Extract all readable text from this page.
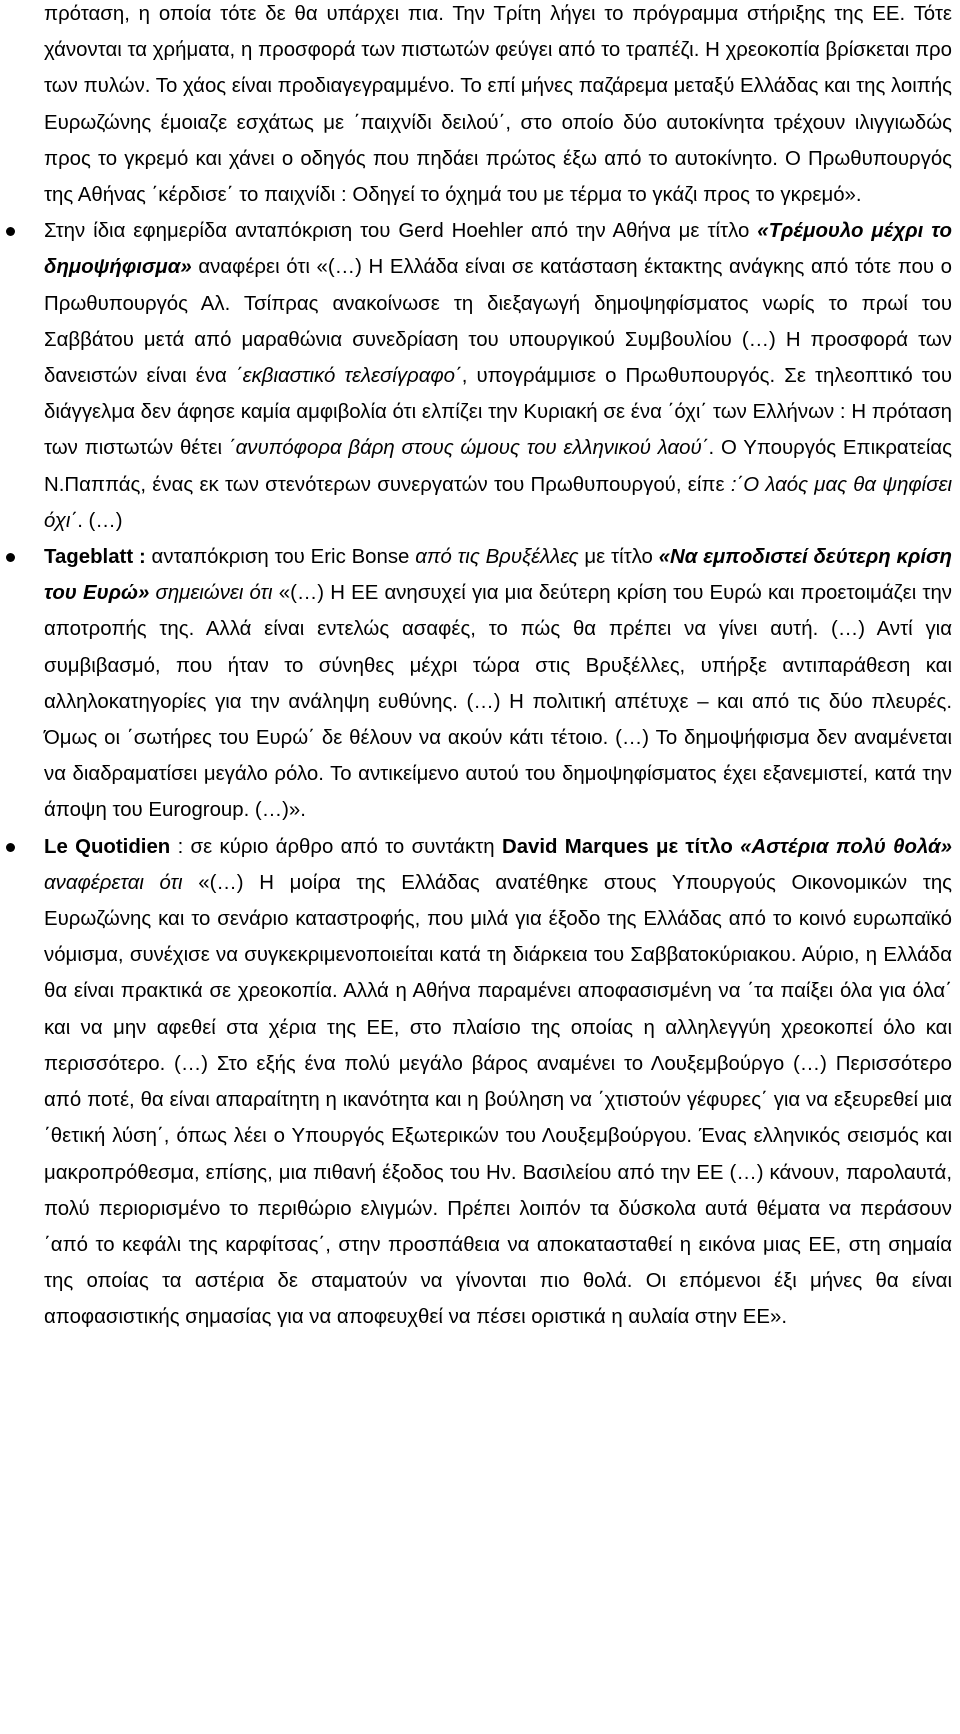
πρόταση, η οποία τότε δε θα υπάρχει πια. Την Τρίτη λήγει το πρόγραμμα στήριξης της ΕΕ. Τότε χάνονται τα χρήματα, η προσφορά των πιστωτών φεύγει από το τραπέζι. Η χρεοκοπία βρίσκεται προ των πυλών. Το χάος είναι προδιαγεγραμμένο. Το επί μήνες παζάρεμα μεταξύ Ελλάδας και της λοιπής Ευρωζώνης έμοιαζε εσχάτως με ΄παιχνίδι δειλού΄, στο οποίο δύο αυτοκίνητα τρέχουν ιλιγγιωδώς προς το γκρεμό και χάνει ο οδηγός που πηδάει πρώτος έξω από το αυτοκίνητο. Ο Πρωθυπουργός της Αθήνας ΄κέρδισε΄ το παιχνίδι : Οδηγεί το όχημά του με τέρμα το γκάζι προς το γκρεμό».

Στην ίδια εφημερίδα ανταπόκριση του Gerd Hoehler από την Αθήνα με τίτλο «Τρέμουλο μέχρι το δημοψήφισμα» αναφέρει ότι «(…) Η Ελλάδα είναι σε κατάσταση έκτακτης ανάγκης από τότε που ο Πρωθυπουργός Αλ. Τσίπρας ανακοίνωσε τη διεξαγωγή δημοψηφίσματος νωρίς το πρωί του Σαββάτου μετά από μαραθώνια συνεδρίαση του υπουργικού Συμβουλίου (…) Η προσφορά των δανειστών είναι ένα ΄εκβιαστικό τελεσίγραφο΄, υπογράμμισε ο Πρωθυπουργός. Σε τηλεοπτικό του διάγγελμα δεν άφησε καμία αμφιβολία ότι ελπίζει την Κυριακή σε ένα ΄όχι΄ των Ελλήνων : Η πρόταση των πιστωτών θέτει ΄ανυπόφορα βάρη στους ώμους του ελληνικού λαού΄. Ο Υπουργός Επικρατείας Ν.Παππάς, ένας εκ των στενότερων συνεργατών του Πρωθυπουργού, είπε :΄Ο λαός μας θα ψηφίσει όχι΄. (…)
Tageblatt : ανταπόκριση του Eric Bonse από τις Βρυξέλλες με τίτλο «Να εμποδιστεί δεύτερη κρίση του Ευρώ» σημειώνει ότι «(…) Η ΕΕ ανησυχεί για μια δεύτερη κρίση του Ευρώ και προετοιμάζει την αποτροπής της. Αλλά είναι εντελώς ασαφές, το πώς θα πρέπει να γίνει αυτή. (…) Αντί για συμβιβασμό, που ήταν το σύνηθες μέχρι τώρα στις Βρυξέλλες, υπήρξε αντιπαράθεση και αλληλοκατηγορίες για την ανάληψη ευθύνης. (…) Η πολιτική απέτυχε – και από τις δύο πλευρές. Όμως οι ΄σωτήρες του Ευρώ΄ δε θέλουν να ακούν κάτι τέτοιο. (…) Το δημοψήφισμα δεν αναμένεται να διαδραματίσει μεγάλο ρόλο. Το αντικείμενο αυτού του δημοψηφίσματος έχει εξανεμιστεί, κατά την άποψη του Eurogroup. (…)».
Le Quotidien : σε κύριο άρθρο από το συντάκτη David Marques με τίτλο «Αστέρια πολύ θολά» αναφέρεται ότι «(…) Η μοίρα της Ελλάδας ανατέθηκε στους Υπουργούς Οικονομικών της Ευρωζώνης και το σενάριο καταστροφής, που μιλά για έξοδο της Ελλάδας από το κοινό ευρωπαϊκό νόμισμα, συνέχισε να συγκεκριμενοποιείται κατά τη διάρκεια του Σαββατοκύριακου. Αύριο, η Ελλάδα θα είναι πρακτικά σε χρεοκοπία. Αλλά η Αθήνα παραμένει αποφασισμένη να ΄τα παίξει όλα για όλα΄ και να μην αφεθεί στα χέρια της ΕΕ, στο πλαίσιο της οποίας η αλληλεγγύη χρεοκοπεί όλο και περισσότερο. (…) Στο εξής ένα πολύ μεγάλο βάρος αναμένει το Λουξεμβούργο (…) Περισσότερο από ποτέ, θα είναι απαραίτητη η ικανότητα και η βούληση να ΄χτιστούν γέφυρες΄ για να εξευρεθεί μια ΄θετική λύση΄, όπως λέει ο Υπουργός Εξωτερικών του Λουξεμβούργου. Ένας ελληνικός σεισμός και μακροπρόθεσμα, επίσης, μια πιθανή έξοδος του Ην. Βασιλείου από την ΕΕ (…) κάνουν, παρολαυτά, πολύ περιορισμένο το περιθώριο ελιγμών. Πρέπει λοιπόν τα δύσκολα αυτά θέματα να περάσουν ΄από το κεφάλι της καρφίτσας΄, στην προσπάθεια να αποκατασταθεί η εικόνα μιας ΕΕ, στη σημαία της οποίας τα αστέρια δε σταματούν να γίνονται πιο θολά. Οι επόμενοι έξι μήνες θα είναι αποφασιστικής σημασίας για να αποφευχθεί να πέσει οριστικά η αυλαία στην ΕΕ».
